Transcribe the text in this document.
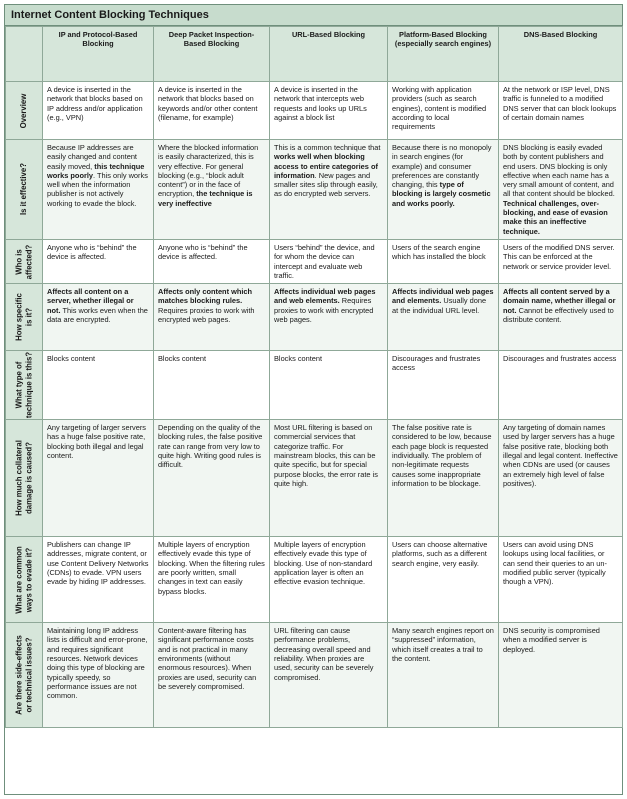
Internet Content Blocking Techniques
	IP and Protocol-Based Blocking	Deep Packet Inspection-Based Blocking	URL-Based Blocking	Platform-Based Blocking (especially search engines)	DNS-Based Blocking

Overview	A device is inserted in the network that blocks based on IP address and/or application (e.g., VPN)	A device is inserted in the network that blocks based on keywords and/or other content (filename, for example)	A device is inserted in the network that intercepts web requests and looks up URLs against a block list	Working with application providers (such as search engines), content is modified according to local requirements	At the network or ISP level, DNS traffic is funneled to a modified DNS server that can block lookups of certain domain names

Is it effective?	Because IP addresses are easily changed and content easily moved, this technique works poorly. This only works well when the information publisher is not actively working to evade the block.	Where the blocked information is easily characterized, this is very effective. For general blocking (e.g., “block adult content”) or in the face of encryption, the technique is very ineffective	This is a common technique that works well when blocking access to entire categories of information. New pages and smaller sites slip through easily, as do encrypted web servers.	Because there is no monopoly in search engines (for example) and consumer preferences are constantly changing, this type of blocking is largely cosmetic and works poorly.	DNS blocking is easily evaded both by content publishers and end users. DNS blocking is only effective when each name has a very small amount of content, and all that content should be blocked. Technical challenges, over-blocking, and ease of evasion make this an ineffective technique.

Who is affected?	Anyone who is “behind” the device is affected.	Anyone who is “behind” the device is affected.	Users “behind” the device, and for whom the device can intercept and evaluate web traffic.	Users of the search engine which has installed the block	Users of the modified DNS server. This can be enforced at the network or service provider level.

How specific is it?	Affects all content on a server, whether illegal or not. This works even when the data are encrypted.	Affects only content which matches blocking rules. Requires proxies to work with encrypted web pages.	Affects individual web pages and web elements. Requires proxies to work with encrypted web pages.	Affects individual web pages and elements. Usually done at the individual URL level.	Affects all content served by a domain name, whether illegal or not. Cannot be effectively used to distribute content.

What type of technique is this?	Blocks content	Blocks content	Blocks content	Discourages and frustrates access	Discourages and frustrates access

How much collateral damage is caused?	Any targeting of larger servers has a huge false positive rate, blocking both illegal and legal content.	Depending on the quality of the blocking rules, the false positive rate can range from very low to quite high. Writing good rules is difficult.	Most URL filtering is based on commercial services that categorize traffic. For mainstream blocks, this can be quite specific, but for special purpose blocks, the error rate is quite high.	The false positive rate is considered to be low, because each page block is requested individually. The problem of non-legitimate requests causes some inappropriate information to be blockage.	Any targeting of domain names used by larger servers has a huge false positive rate, blocking both illegal and legal content. Ineffective when CDNs are used (or causes an extremely high level of false positives).

What are common ways to evade it?	Publishers can change IP addresses, migrate content, or use Content Delivery Networks (CDNs) to evade. VPN users evade by hiding IP addresses.	Multiple layers of encryption effectively evade this type of blocking. When the filtering rules are poorly written, small changes in text can easily bypass blocks.	Multiple layers of encryption effectively evade this type of blocking. Use of non-standard application layer is often an effective evasion technique.	Users can choose alternative platforms, such as a different search engine, very easily.	Users can avoid using DNS lookups using local facilities, or can send their queries to an un-modified public server (typically though a VPN).

Are there side-effects or technical issues?	Maintaining long IP address lists is difficult and error-prone, and requires significant resources. Network devices doing this type of blocking are typically speedy, so performance issues are not common.	Content-aware filtering has significant performance costs and is not practical in many environments (without enormous resources). When proxies are used, security can be severely compromised.	URL filtering can cause performance problems, decreasing overall speed and reliability. When proxies are used, security can be severely compromised.	Many search engines report on “suppressed” information, which itself creates a trail to the content.	DNS security is compromised when a modified server is deployed.
